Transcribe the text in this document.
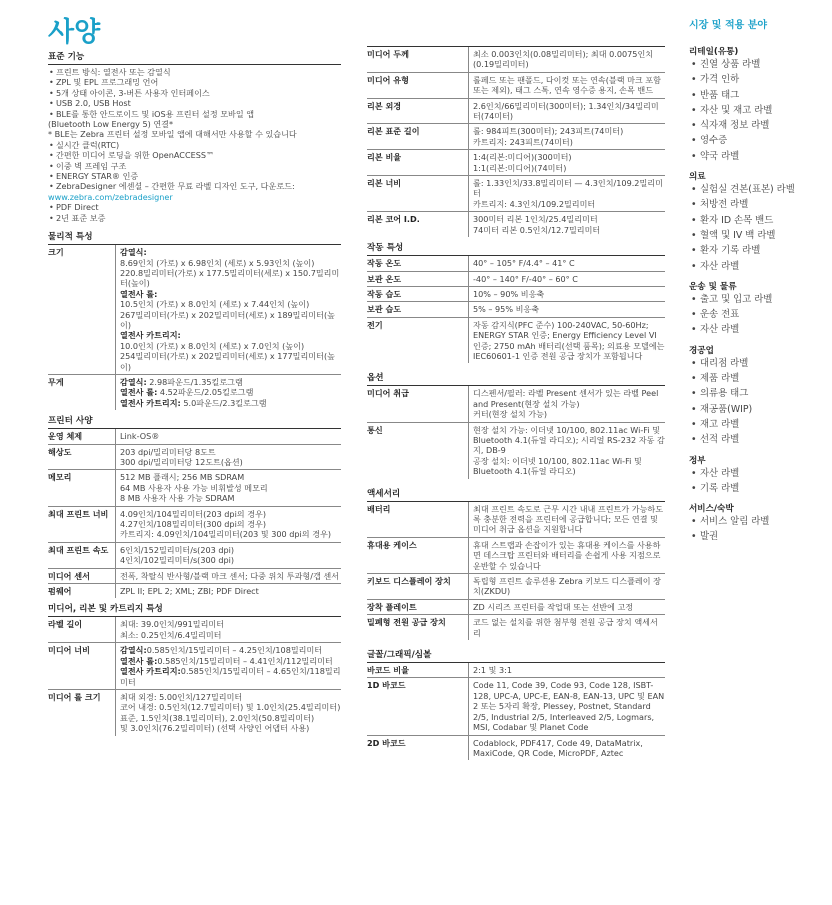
사양
표준 기능
• 프린트 방식: 열전사 또는 감열식
• ZPL 및 EPL 프로그래밍 언어
• 5개 상태 아이콘, 3-버튼 사용자 인터페이스
• USB 2.0, USB Host
• BLE를 통한 안드로이드 및 iOS용 프린터 설정 모바일 앱
(Bluetooth Low Energy 5) 연결*
* BLE는 Zebra 프린터 설정 모바일 앱에 대해서만 사용할 수 있습니다
• 실시간 클럭(RTC)
• 간편한 미디어 로딩을 위한 OpenACCESS™
• 이중 벽 프레임 구조
• ENERGY STAR® 인증
• ZebraDesigner 에센셜 – 간편한 무료 라벨 디자인 도구, 다운로드:
www.zebra.com/zebradesigner
• PDF Direct
• 2년 표준 보증
물리적 특성
크기	감열식:

8.69인치 (가로) x 6.98인치 (세로) x 5.93인치 (높이)

220.8밀리미터(가로) x 177.5밀리미터(세로) x 150.7밀리미터(높이)

열전사 롤:

10.5인치 (가로) x 8.0인치 (세로) x 7.44인치 (높이)

267밀리미터(가로) x 202밀리미터(세로) x 189밀리미터(높이)

열전사 카트리지:

10.0인치 (가로) x 8.0인치 (세로) x 7.0인치 (높이)

254밀리미터(가로) x 202밀리미터(세로) x 177밀리미터(높이)

무게	감열식: 2.98파운드/1.35킬로그램

열전사 롤: 4.52파운드/2.05킬로그램

열전사 카트리지: 5.0파운드/2.3킬로그램

프린터 사양
운영 체제	Link-OS®

해상도	203 dpi/밀리미터당 8도트

300 dpi/밀리미터당 12도트(옵션)

메모리	512 MB 플래시; 256 MB SDRAM

64 MB 사용자 사용 가능 비휘발성 메모리

8 MB 사용자 사용 가능 SDRAM

최대 프린트 너비	4.09인치/104밀리미터(203 dpi의 경우)

4.27인치/108밀리미터(300 dpi의 경우)

카트리지: 4.09인치/104밀리미터(203 및 300 dpi의 경우)

최대 프린트 속도	6인치/152밀리미터/s(203 dpi)

4인치/102밀리미터/s(300 dpi)

미디어 센서	전폭, 착탈식 반사형/블랙 마크 센서; 다중 위치 투과형/갭 센서

펌웨어	ZPL II; EPL 2; XML; ZBI; PDF Direct

미디어, 리본 및 카트리지 특성
라벨 길이	최대: 39.0인치/991밀리미터

최소: 0.25인치/6.4밀리미터

미디어 너비	감열식:0.585인치/15밀리미터 – 4.25인치/108밀리미터

열전사 롤:0.585인치/15밀리미터 – 4.41인치/112밀리미터

열전사 카트리지:0.585인치/15밀리미터 – 4.65인치/118밀리미터

미디어 롤 크기	최대 외경: 5.00인치/127밀리미터

코어 내경: 0.5인치(12.7밀리미터) 및 1.0인치(25.4밀리미터) 표준, 1.5인치(38.1밀리미터), 2.0인치(50.8밀리미터)

및 3.0인치(76.2밀리미터) (선택 사양인 어댑터 사용)

미디어 두께	최소 0.003인치(0.08밀리미터); 최대 0.0075인치(0.19밀리미터)

미디어 유형	롤페드 또는 팬폴드, 다이컷 또는 연속(블랙 마크 포함 또는 제외), 태그 스톡, 연속 영수증 용지, 손목 밴드

리본 외경	2.6인치/66밀리미터(300미터); 1.34인치/34밀리미터(74미터)

리본 표준 길이	롤: 984피트(300미터); 243피트(74미터)

카트리지: 243피트(74미터)

리본 비율	1:4(리본:미디어)(300미터)

1:1(리본:미디어)(74미터)

리본 너비	롤: 1.33인치/33.8밀리미터 — 4.3인치/109.2밀리미터

카트리지: 4.3인치/109.2밀리미터

리본 코어 I.D.	300미터 리본 1인치/25.4밀리미터

74미터 리본 0.5인치/12.7밀리미터

작동 특성
작동 온도	40° – 105° F/4.4° – 41° C

보관 온도	-40° – 140° F/-40° – 60° C

작동 습도	10% – 90% 비응축

보관 습도	5% – 95% 비응축

전기	자동 감지식(PFC 준수) 100-240VAC, 50-60Hz; ENERGY STAR 인증; Energy Efficiency Level VI 인증; 2750 mAh 배터리(선택 품목); 의료용 모델에는 IEC60601-1 인증 전원 공급 장치가 포함됩니다

옵션
미디어 취급	디스펜서/필러: 라벨 Present 센서가 있는 라벨 Peel and Present(현장 설치 가능)

커터(현장 설치 가능)

통신	현장 설치 가능: 이더넷 10/100, 802.11ac Wi-Fi 및 Bluetooth 4.1(듀얼 라디오); 시리얼 RS-232 자동 감지, DB-9

공장 설치: 이더넷 10/100, 802.11ac Wi-Fi 및 Bluetooth 4.1(듀얼 라디오)

액세서리
배터리	최대 프린트 속도로 근무 시간 내내 프린트가 가능하도록 충분한 전력을 프린터에 공급합니다; 모든 연결 및 미디어 취급 옵션을 지원합니다

휴대용 케이스	휴대 스트랩과 손잡이가 있는 휴대용 케이스를 사용하면 데스크탑 프린터와 배터리를 손쉽게 사용 지점으로 운반할 수 있습니다

키보드 디스플레이 장치	독립형 프린트 솔루션용 Zebra 키보드 디스플레이 장치(ZKDU)

장착 플레이트	ZD 시리즈 프린터를 작업대 또는 선반에 고정

밀폐형 전원 공급 장치	코드 없는 설치를 위한 첨부형 전원 공급 장치 액세서리

글꼴/그래픽/심볼
바코드 비율	2:1 및 3:1

1D 바코드	Code 11, Code 39, Code 93, Code 128, ISBT-128, UPC-A, UPC-E, EAN-8, EAN-13, UPC 및 EAN 2 또는 5자리 확장, Plessey, Postnet, Standard 2/5, Industrial 2/5, Interleaved 2/5, Logmars, MSI, Codabar 및 Planet Code

2D 바코드	Codablock, PDF417, Code 49, DataMatrix, MaxiCode, QR Code, MicroPDF, Aztec

시장 및 적용 분야
리테일(유통)
• 진열 상품 라벨
• 가격 인하
• 반품 태그
• 자산 및 재고 라벨
• 식자재 정보 라벨
• 영수증
• 약국 라벨
의료
• 실험실 견본(표본) 라벨
• 처방전 라벨
• 환자 ID 손목 밴드
• 혈액 및 IV 백 라벨
• 환자 기록 라벨
• 자산 라벨
운송 및 물류
• 출고 및 입고 라벨
• 운송 전표
• 자산 라벨
경공업
• 대리점 라벨
• 제품 라벨
• 의류용 태그
• 재공품(WIP)
• 재고 라벨
• 선적 라벨
정부
• 자산 라벨
• 기록 라벨
서비스/숙박
• 서비스 알림 라벨
• 발권
